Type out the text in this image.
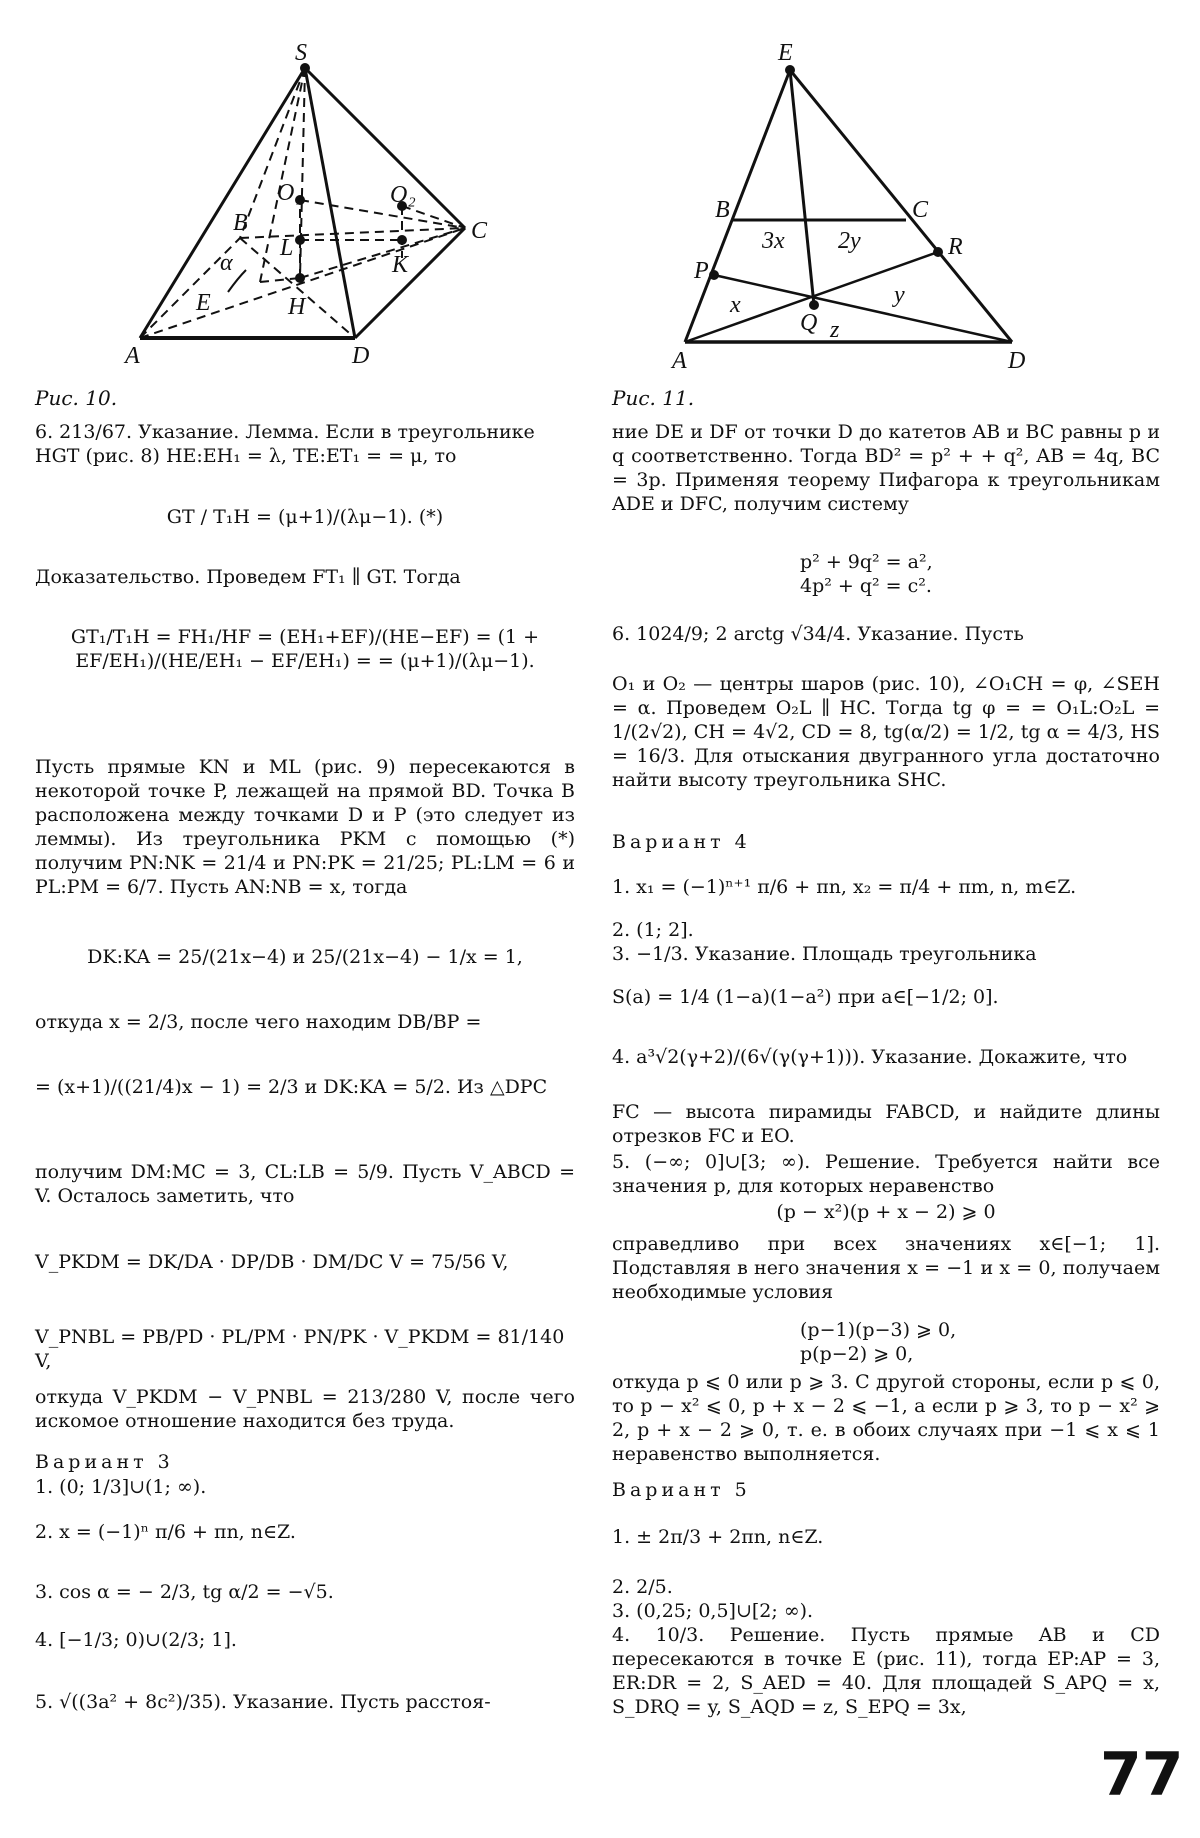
S
O₁	O₂
B	C
L
K
α
E	H
A	D
Рис. 10.
E
B	C
3x 2y	R
P
x	y
Q z
A	D
Рис. 11.
6. 213/67. Указание. Лемма. Если в треугольнике HGT (рис. 8) HE:EH₁ = λ, TE:ET₁ = = μ, то
GT / T₁H = (μ+1)/(λμ−1). (*)
Доказательство. Проведем FT₁ ∥ GT. Тогда
GT₁/T₁H = FH₁/HF = (EH₁+EF)/(HE−EF) = (1 + EF/EH₁)/(HE/EH₁ − EF/EH₁) = = (μ+1)/(λμ−1).
Пусть прямые KN и ML (рис. 9) пересекаются в некоторой точке P, лежащей на прямой BD. Точка B расположена между точками D и P (это следует из леммы). Из треугольника PKM с помощью (*) получим PN:NK = 21/4 и PN:PK = 21/25; PL:LM = 6 и PL:PM = 6/7. Пусть AN:NB = x, тогда
DK:KA = 25/(21x−4) и 25/(21x−4) − 1/x = 1,
откуда x = 2/3, после чего находим DB/BP =
= (x+1)/((21/4)x − 1) = 2/3 и DK:KA = 5/2. Из △DPC
получим DM:MC = 3, CL:LB = 5/9. Пусть V_ABCD = V. Осталось заметить, что
V_PKDM = DK/DA · DP/DB · DM/DC V = 75/56 V,
V_PNBL = PB/PD · PL/PM · PN/PK · V_PKDM = 81/140 V,
откуда V_PKDM − V_PNBL = 213/280 V, после чего искомое отношение находится без труда.
Вариант 3
1. (0; 1/3]∪(1; ∞).
2. x = (−1)ⁿ π/6 + πn, n∈Z.
3. cos α = − 2/3, tg α/2 = −√5.
4. [−1/3; 0)∪(2/3; 1].
5. √((3a² + 8c²)/35). Указание. Пусть расстоя-
ние DE и DF от точки D до катетов AB и BC равны p и q соответственно. Тогда BD² = p² + + q², AB = 4q, BC = 3p. Применяя теорему Пифагора к треугольникам ADE и DFC, получим систему
p² + 9q² = a²,
4p² + q² = c².
6. 1024/9; 2 arctg √34/4. Указание. Пусть
O₁ и O₂ — центры шаров (рис. 10), ∠O₁CH = φ, ∠SEH = α. Проведем O₂L ∥ HC. Тогда tg φ = = O₁L:O₂L = 1/(2√2), CH = 4√2, CD = 8, tg(α/2) = 1/2, tg α = 4/3, HS = 16/3. Для отыскания двугранного угла достаточно найти высоту треугольника SHC.
Вариант 4
1. x₁ = (−1)ⁿ⁺¹ π/6 + πn, x₂ = π/4 + πm, n, m∈Z.
2. (1; 2].
3. −1/3. Указание. Площадь треугольника
S(a) = 1/4 (1−a)(1−a²) при a∈[−1/2; 0].
4. a³√2(γ+2)/(6√(γ(γ+1))). Указание. Докажите, что
FC — высота пирамиды FABCD, и найдите длины отрезков FC и EO.
5. (−∞; 0]∪[3; ∞). Решение. Требуется найти все значения p, для которых неравенство
(p − x²)(p + x − 2) ⩾ 0
справедливо при всех значениях x∈[−1; 1]. Подставляя в него значения x = −1 и x = 0, получаем необходимые условия
(p−1)(p−3) ⩾ 0,
p(p−2) ⩾ 0,
откуда p ⩽ 0 или p ⩾ 3. С другой стороны, если p ⩽ 0, то p − x² ⩽ 0, p + x − 2 ⩽ −1, а если p ⩾ 3, то p − x² ⩾ 2, p + x − 2 ⩾ 0, т. е. в обоих случаях при −1 ⩽ x ⩽ 1 неравенство выполняется.
Вариант 5
1. ± 2π/3 + 2πn, n∈Z.
2. 2/5.
3. (0,25; 0,5]∪[2; ∞).
4. 10/3. Решение. Пусть прямые AB и CD пересекаются в точке E (рис. 11), тогда EP:AP = 3, ER:DR = 2, S_AED = 40. Для площадей S_APQ = x, S_DRQ = y, S_AQD = z, S_EPQ = 3x,
77
